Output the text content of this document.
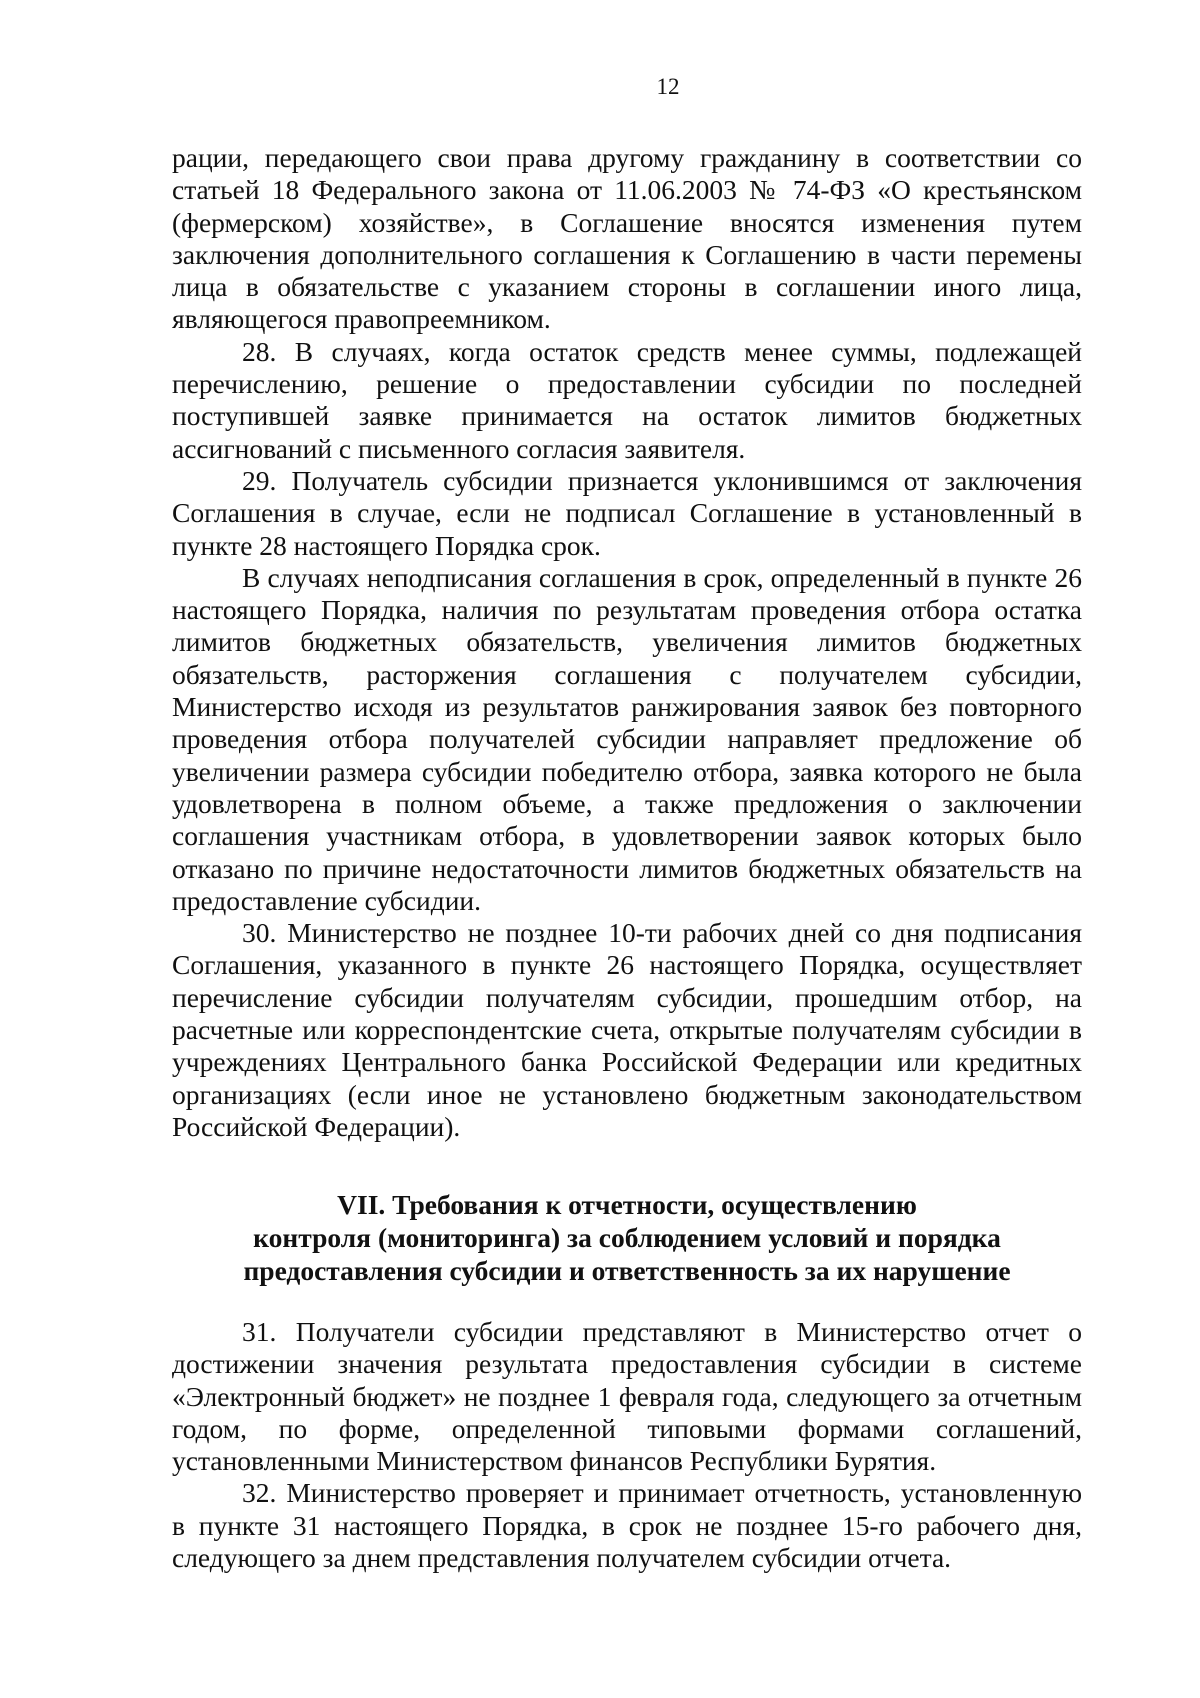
12

рации, передающего свои права другому гражданину в соответствии со статьей 18 Федерального закона от 11.06.2003 № 74-ФЗ «О крестьянском (фермерском) хозяйстве», в Соглашение вносятся изменения путем заключения дополнительного соглашения к Соглашению в части перемены лица в обязательстве с указанием стороны в соглашении иного лица, являющегося правопреемником.

28. В случаях, когда остаток средств менее суммы, подлежащей перечислению, решение о предоставлении субсидии по последней поступившей заявке принимается на остаток лимитов бюджетных ассигнований с письменного согласия заявителя.

29. Получатель субсидии признается уклонившимся от заключения Соглашения в случае, если не подписал Соглашение в установленный в пункте 28 настоящего Порядка срок.

В случаях неподписания соглашения в срок, определенный в пункте 26 настоящего Порядка, наличия по результатам проведения отбора остатка лимитов бюджетных обязательств, увеличения лимитов бюджетных обязательств, расторжения соглашения с получателем субсидии, Министерство исходя из результатов ранжирования заявок без повторного проведения отбора получателей субсидии направляет предложение об увеличении размера субсидии победителю отбора, заявка которого не была удовлетворена в полном объеме, а также предложения о заключении соглашения участникам отбора, в удовлетворении заявок которых было отказано по причине недостаточности лимитов бюджетных обязательств на предоставление субсидии.

30. Министерство не позднее 10-ти рабочих дней со дня подписания Соглашения, указанного в пункте 26 настоящего Порядка, осуществляет перечисление субсидии получателям субсидии, прошедшим отбор, на расчетные или корреспондентские счета, открытые получателям субсидии в учреждениях Центрального банка Российской Федерации или кредитных организациях (если иное не установлено бюджетным законодательством Российской Федерации).

VII. Требования к отчетности, осуществлению
контроля (мониторинга) за соблюдением условий и порядка
предоставления субсидии и ответственность за их нарушение

31. Получатели субсидии представляют в Министерство отчет о достижении значения результата предоставления субсидии в системе «Электронный бюджет» не позднее 1 февраля года, следующего за отчетным годом, по форме, определенной типовыми формами соглашений, установленными Министерством финансов Республики Бурятия.

32. Министерство проверяет и принимает отчетность, установленную в пункте 31 настоящего Порядка, в срок не позднее 15-го рабочего дня, следующего за днем представления получателем субсидии отчета.
